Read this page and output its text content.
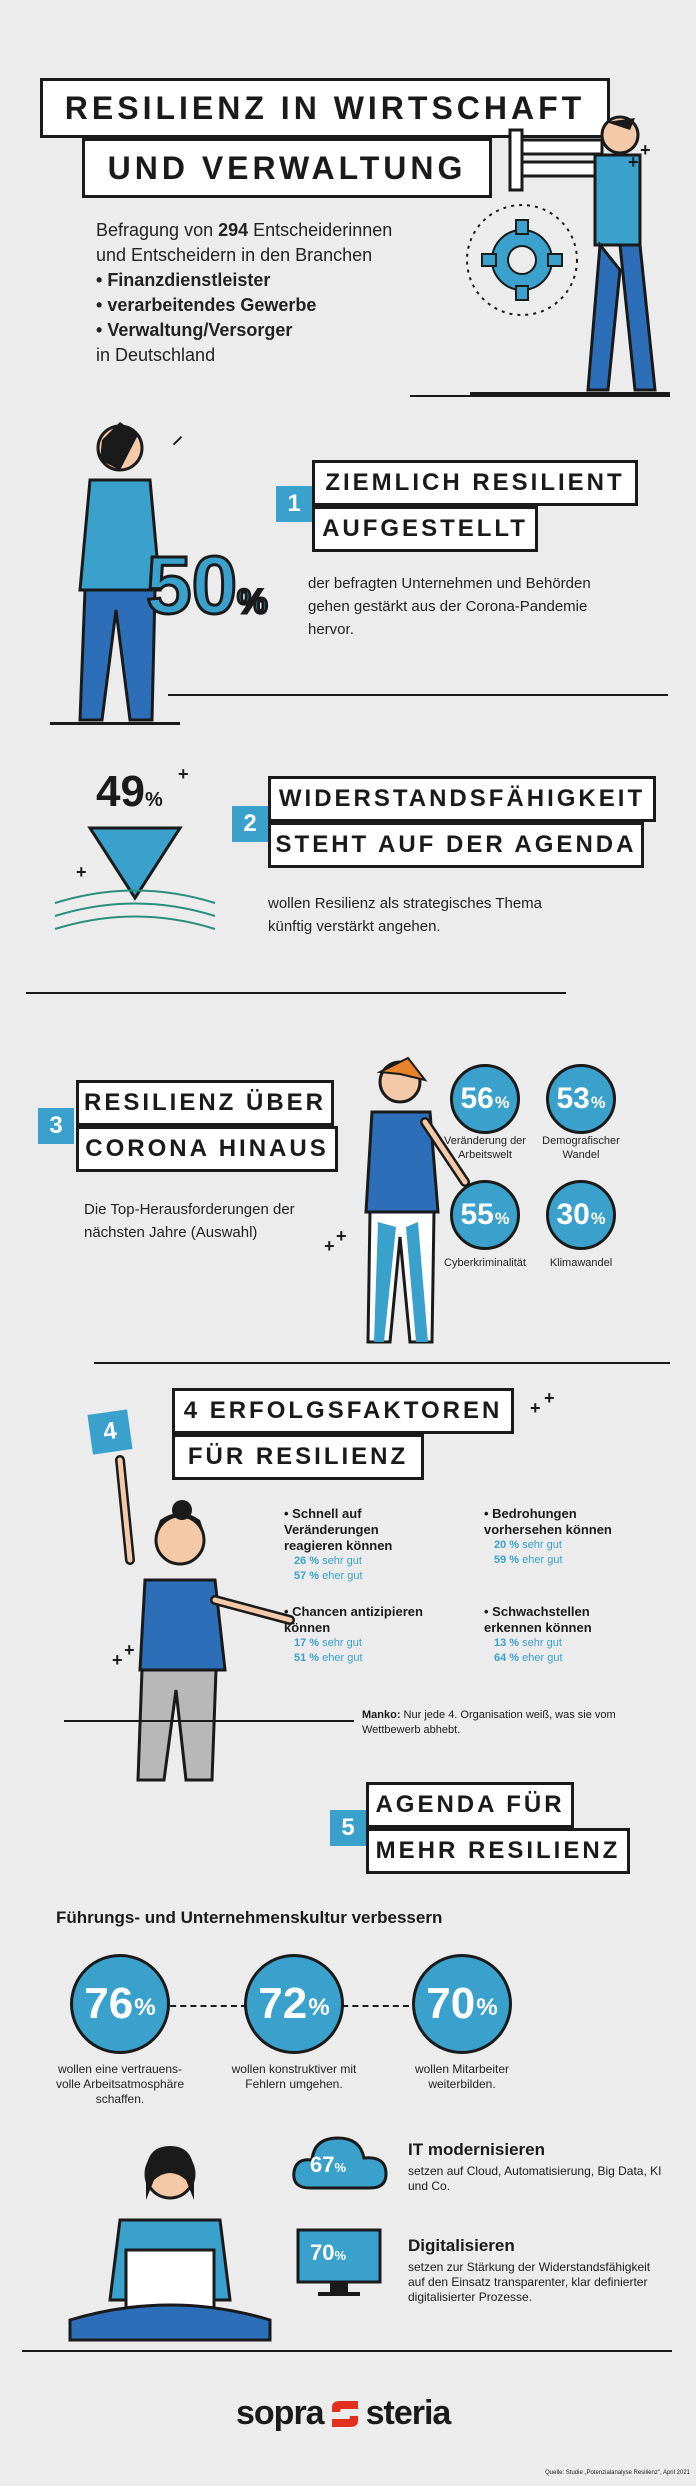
RESILIENZ IN WIRTSCHAFT
UND VERWALTUNG	+
+
Befragung von 294 Entscheiderinnen
und Entscheidern in den Branchen
• Finanzdienstleister
• verarbeitendes Gewerbe
• Verwaltung/Versorger
in Deutschland
⸝
1
ZIEMLICH RESILIENT
AUFGESTELLT
50%	der befragten Unternehmen und Behörden gehen gestärkt aus der Corona-Pandemie hervor.
49%
+
+
2
WIDERSTANDSFÄHIGKEIT
STEHT AUF DER AGENDA
wollen Resilienz als strategisches Thema künftig verstärkt angehen.
3
RESILIENZ ÜBER
CORONA HINAUS
Die Top-Herausforderungen der nächsten Jahre (Auswahl)
+ +
56 %
Veränderung der Arbeitswelt
53 %
Demografischer Wandel
55 %
Cyberkriminalität
30 %
Klimawandel
4
4 ERFOLGSFAKTOREN
FÜR RESILIENZ
+ +
+ +
• Schnell auf Veränderungen reagieren können
26 % sehr gut
57 % eher gut
• Bedrohungen vorhersehen können
20 % sehr gut
59 % eher gut
• Chancen antizipieren können
17 % sehr gut
51 % eher gut
• Schwachstellen erkennen können
13 % sehr gut
64 % eher gut
Manko: Nur jede 4. Organisation weiß, was sie vom Wettbewerb abhebt.
5
AGENDA FÜR
MEHR RESILIENZ
Führungs- und Unternehmenskultur verbessern
76 %
wollen eine vertrauens-volle Arbeitsatmosphäre schaffen.
72 %
wollen konstruktiver mit Fehlern umgehen.
70 %
wollen Mitarbeiter weiterbilden.
67%
IT modernisieren
setzen auf Cloud, Automatisierung, Big Data, KI und Co.
70%
Digitalisieren
setzen zur Stärkung der Widerstandsfähigkeit auf den Einsatz transparenter, klar definierter digitalisierter Prozesse.
sopra steria
Quelle: Studie „Potenzialanalyse Resilienz", April 2021
